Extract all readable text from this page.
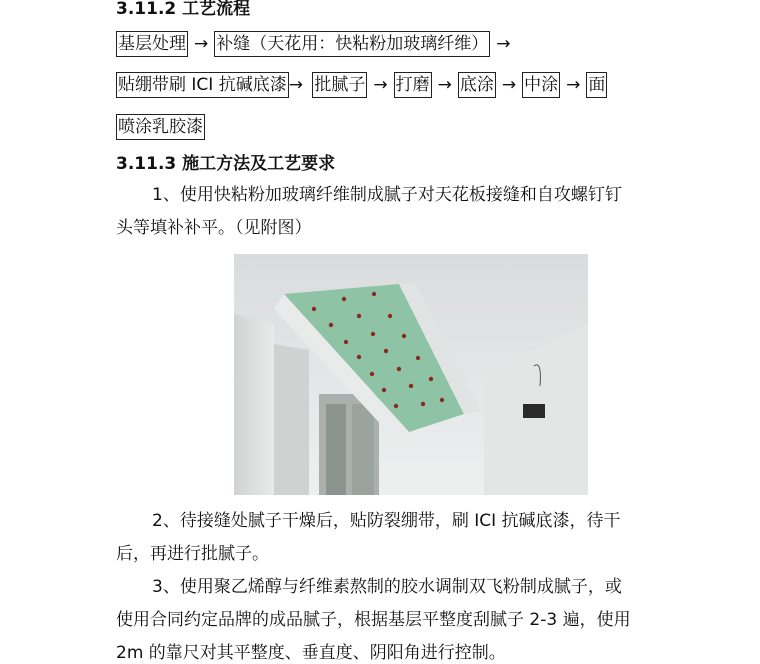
3.11.2 工艺流程
基层处理 → 补缝（天花用：快粘粉加玻璃纤维） →
贴绷带刷 ICI 抗碱底漆 → 批腻子 → 打磨 → 底涂 → 中涂 → 面
喷涂乳胶漆
3.11.3 施工方法及工艺要求
1、使用快粘粉加玻璃纤维制成腻子对天花板接缝和自攻螺钉钉
头等填补补平。（见附图）
2、待接缝处腻子干燥后，贴防裂绷带，刷 ICI 抗碱底漆，待干
后，再进行批腻子。
3、使用聚乙烯醇与纤维素熬制的胶水调制双飞粉制成腻子，或
使用合同约定品牌的成品腻子，根据基层平整度刮腻子 2-3 遍，使用
2m 的靠尺对其平整度、垂直度、阴阳角进行控制。
